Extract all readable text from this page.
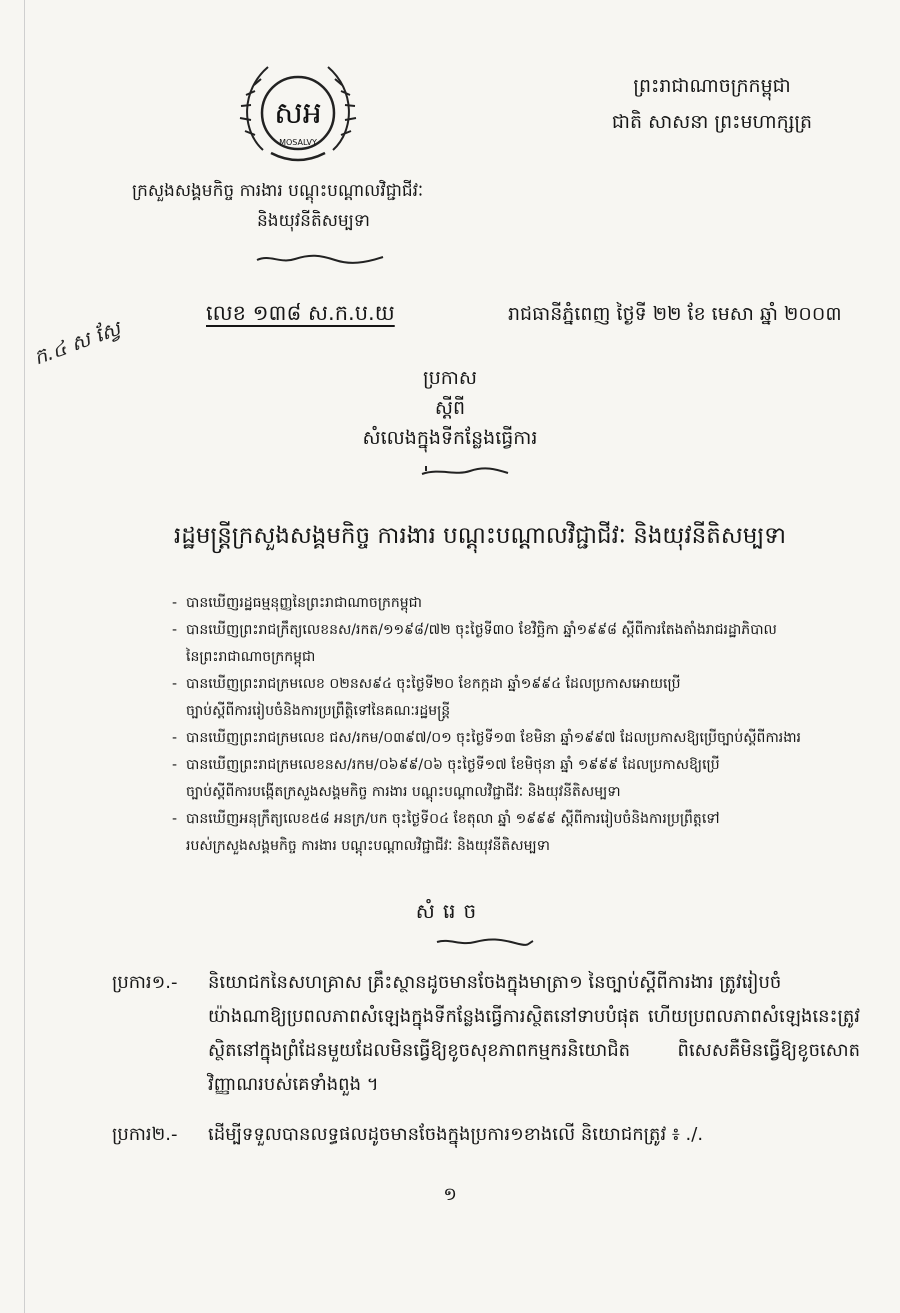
សអ
MOSALVY
ព្រះរាជាណាចក្រកម្ពុជា
ជាតិ សាសនា ព្រះមហាក្សត្រ
ក្រសួងសង្គមកិច្ច ការងារ បណ្តុះបណ្តាលវិជ្ជាជីវៈ
និងយុវនីតិសម្បទា
លេខ ១៣៨ ស.ក.ប.យ	រាជធានីភ្នំពេញ ថ្ងៃទី ២២ ខែ មេសា ឆ្នាំ ២០០៣
ក.៤ ស ស្វែ
ប្រកាស
ស្តីពី
សំលេងក្នុងទីកន្លែងធ្វើការ
រដ្ឋមន្ត្រីក្រសួងសង្គមកិច្ច ការងារ បណ្តុះបណ្តាលវិជ្ជាជីវៈ និងយុវនីតិសម្បទា
- បានឃើញរដ្ឋធម្មនុញ្ញនៃព្រះរាជាណាចក្រកម្ពុជា
- បានឃើញព្រះរាជក្រឹត្យលេខនស/រកត/១១៩៨/៧២ ចុះថ្ងៃទី៣០ ខែវិច្ឆិកា ឆ្នាំ១៩៩៨ ស្តីពីការតែងតាំងរាជរដ្ឋាភិបាល
នៃព្រះរាជាណាចក្រកម្ពុជា
- បានឃើញព្រះរាជក្រមលេខ ០២នស៩៤ ចុះថ្ងៃទី២០ ខែកក្កដា ឆ្នាំ១៩៩៤ ដែលប្រកាសអោយប្រើ
ច្បាប់ស្តីពីការរៀបចំនិងការប្រព្រឹត្តិទៅនៃគណៈរដ្ឋមន្ត្រី
- បានឃើញព្រះរាជក្រមលេខ ជស/រកម/០៣៩៧/០១ ចុះថ្ងៃទី១៣ ខែមិនា ឆ្នាំ១៩៩៧ ដែលប្រកាសឱ្យប្រើច្បាប់ស្តីពីការងារ
- បានឃើញព្រះរាជក្រមលេខនស/រកម/០៦៩៩/០៦ ចុះថ្ងៃទី១៧ ខែមិថុនា ឆ្នាំ ១៩៩៩ ដែលប្រកាសឱ្យប្រើ
ច្បាប់ស្តីពីការបង្កើតក្រសួងសង្គមកិច្ច ការងារ បណ្តុះបណ្តាលវិជ្ជាជីវៈ និងយុវនីតិសម្បទា
- បានឃើញអនុក្រឹត្យលេខ៥៨ អនក្រ/បក ចុះថ្ងៃទី០៤ ខែតុលា ឆ្នាំ ១៩៩៩ ស្តីពីការរៀបចំនិងការប្រព្រឹត្តទៅ
របស់ក្រសួងសង្គមកិច្ច ការងារ បណ្តុះបណ្តាលវិជ្ជាជីវៈ និងយុវនីតិសម្បទា
សំរេច
ប្រការ១.- និយោជកនៃសហគ្រាស គ្រឹះស្ថានដូចមានចែងក្នុងមាត្រា១ នៃច្បាប់ស្តីពីការងារ ត្រូវរៀបចំ
យ៉ាងណាឱ្យប្រពលភាពសំឡេងក្នុងទីកន្លែងធ្វើការស្ថិតនៅទាបបំផុត ហើយប្រពលភាពសំឡេងនេះត្រូវស្ថិតនៅក្នុងព្រំដែនមួយដែលមិនធ្វើឱ្យខូចសុខភាពកម្មករនិយោជិត ពិសេសគឺមិនធ្វើឱ្យខូចសោតវិញ្ញាណរបស់គេទាំងពួង ។
ប្រការ២.- ដើម្បីទទួលបានលទ្ធផលដូចមានចែងក្នុងប្រការ១ខាងលើ និយោជកត្រូវ ៖ ./.
១
